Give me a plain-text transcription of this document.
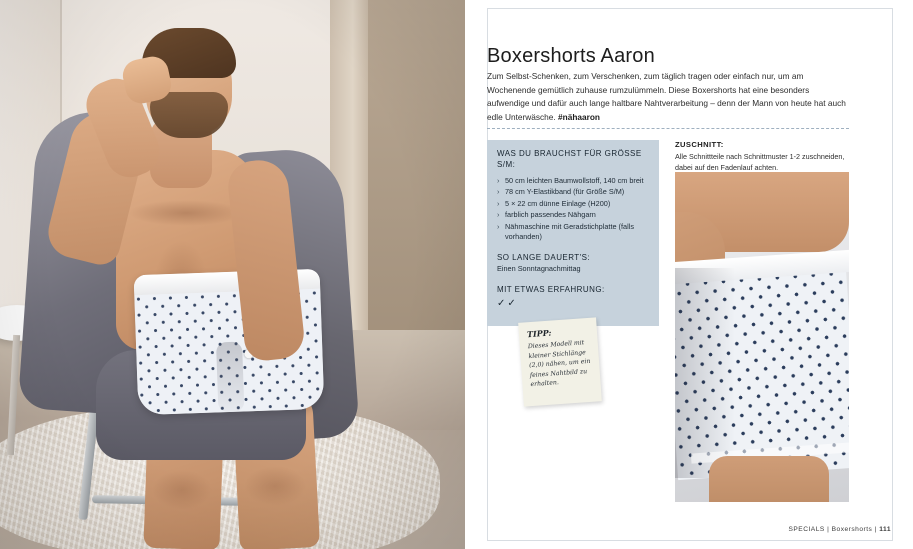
Boxershorts Aaron

Zum Selbst-Schenken, zum Verschenken, zum täglich tragen oder einfach nur, um am Wochenende gemütlich zuhause rumzulümmeln. Diese Boxershorts hat eine besonders aufwendige und dafür auch lange haltbare Nahtverarbeitung – denn der Mann von heute hat auch edle Unterwäsche. #nähaaron

WAS DU BRAUCHST FÜR GRÖSSE S/M:
› 50 cm leichten Baumwollstoff, 140 cm breit
› 78 cm Y-Elastikband (für Größe S/M)
› 5 × 22 cm dünne Einlage (H200)
› farblich passendes Nähgarn
› Nähmaschine mit Geradstichplatte (falls vorhanden)
SO LANGE DAUERT'S:
Einen Sonntagnachmittag
MIT ETWAS ERFAHRUNG:
✓✓
TIPP:
Dieses Modell mit kleiner Stichlänge (2,0) nähen, um ein feines Nahtbild zu erhalten.
ZUSCHNITT:
Alle Schnittteile nach Schnittmuster 1-2 zuschneiden, dabei auf den Fadenlauf achten.
SPECIALS | Boxershorts | 111
